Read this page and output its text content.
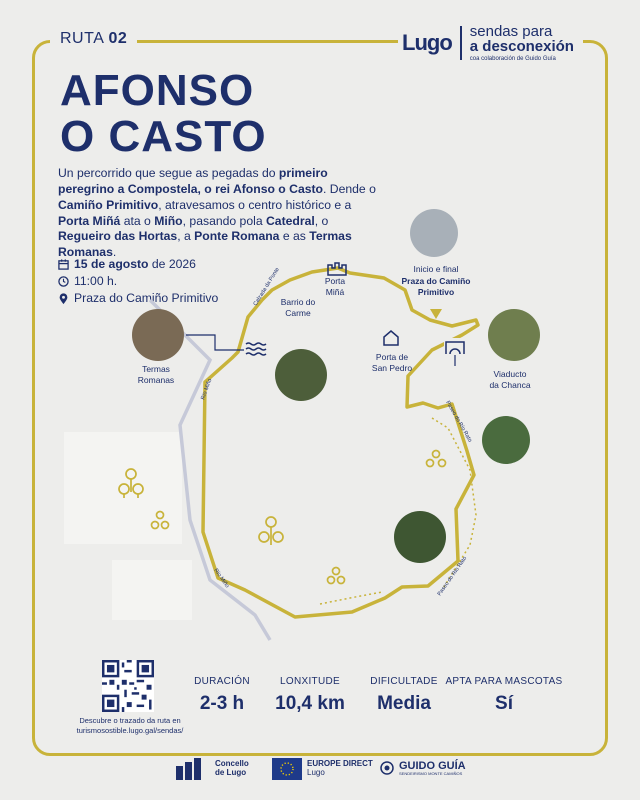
RUTA 02	Lugo	sendas para
a desconexión
coa colaboración de Guido Guía
AFONSO
O CASTO
Un percorrido que segue as pegadas do primeiro peregrino a Compostela, o rei Afonso o Casto. Dende o Camiño Primitivo, atravesamos o centro histórico e a Porta Miñá ata o Miño, pasando pola Catedral, o Regueiro das Hortas, a Ponte Romana e as Termas Romanas.
15 de agosto de 2026
11:00 h.
Praza do Camiño Primitivo
Inicio e final
Praza do Camiño
Primitivo
Porta
Miñá
Barrio do
Carme
Porta de
San Pedro
Viaducto
da Chanca
Termas
Romanas
Calzada da Ponte
Río Miño
Río Miño
Paseo do Río Rato
Paseo do Río Rato
Descubre o trazado da ruta en
turismosostible.lugo.gal/sendas/
DURACIÓN
2-3 h
LONXITUDE
10,4 km
DIFICULTADE
Media
APTA PARA MASCOTAS
Sí
Concello
de Lugo
EUROPE DIRECT
Lugo
GUIDO GUÍA
SENDEIRISMO MONTE CAMIÑOS
